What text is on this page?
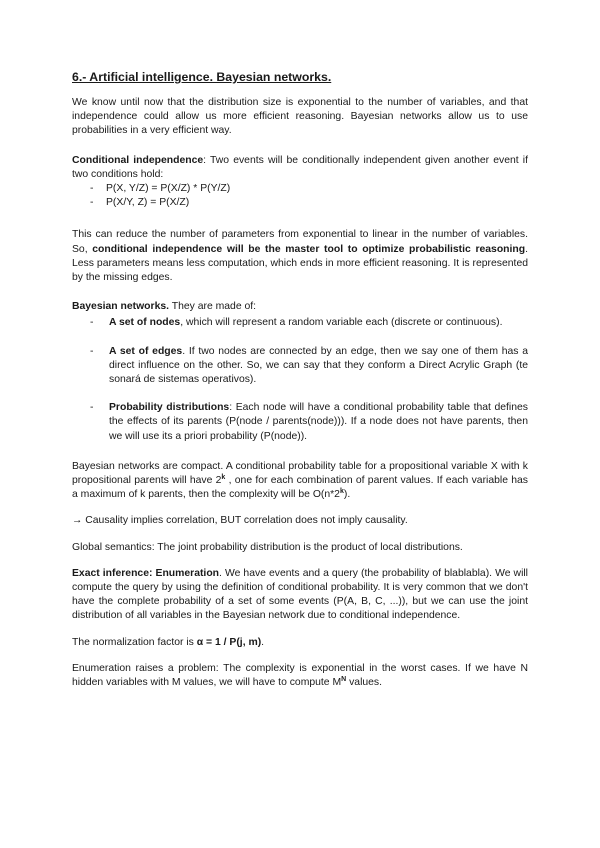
6.- Artificial intelligence. Bayesian networks.

We know until now that the distribution size is exponential to the number of variables, and that independence could allow us more efficient reasoning. Bayesian networks allow us to use probabilities in a very efficient way.

Conditional independence: Two events will be conditionally independent given another event if two conditions hold:

- P(X, Y/Z) = P(X/Z) * P(Y/Z)
- P(X/Y, Z) = P(X/Z)

This can reduce the number of parameters from exponential to linear in the number of variables. So, conditional independence will be the master tool to optimize probabilistic reasoning. Less parameters means less computation, which ends in more efficient reasoning. It is represented by the missing edges.

Bayesian networks. They are made of:

- A set of nodes, which will represent a random variable each (discrete or continuous).
- A set of edges. If two nodes are connected by an edge, then we say one of them has a direct influence on the other. So, we can say that they conform a Direct Acrylic Graph (te sonará de sistemas operativos).
- Probability distributions: Each node will have a conditional probability table that defines the effects of its parents (P(node / parents(node))). If a node does not have parents, then we will use its a priori probability (P(node)).

Bayesian networks are compact. A conditional probability table for a propositional variable X with k propositional parents will have 2$^k$ , one for each combination of parent values. If each variable has a maximum of k parents, then the complexity will be O(n*2$^k$).

→ Causality implies correlation, BUT correlation does not imply causality.

Global semantics: The joint probability distribution is the product of local distributions.

Exact inference: Enumeration. We have events and a query (the probability of blablabla). We will compute the query by using the definition of conditional probability. It is very common that we don't have the complete probability of a set of some events (P(A, B, C, ...)), but we can use the joint distribution of all variables in the Bayesian network due to conditional independence.

The normalization factor is α = 1 / P(j, m).

Enumeration raises a problem: The complexity is exponential in the worst cases. If we have N hidden variables with M values, we will have to compute $M^N$ values.
